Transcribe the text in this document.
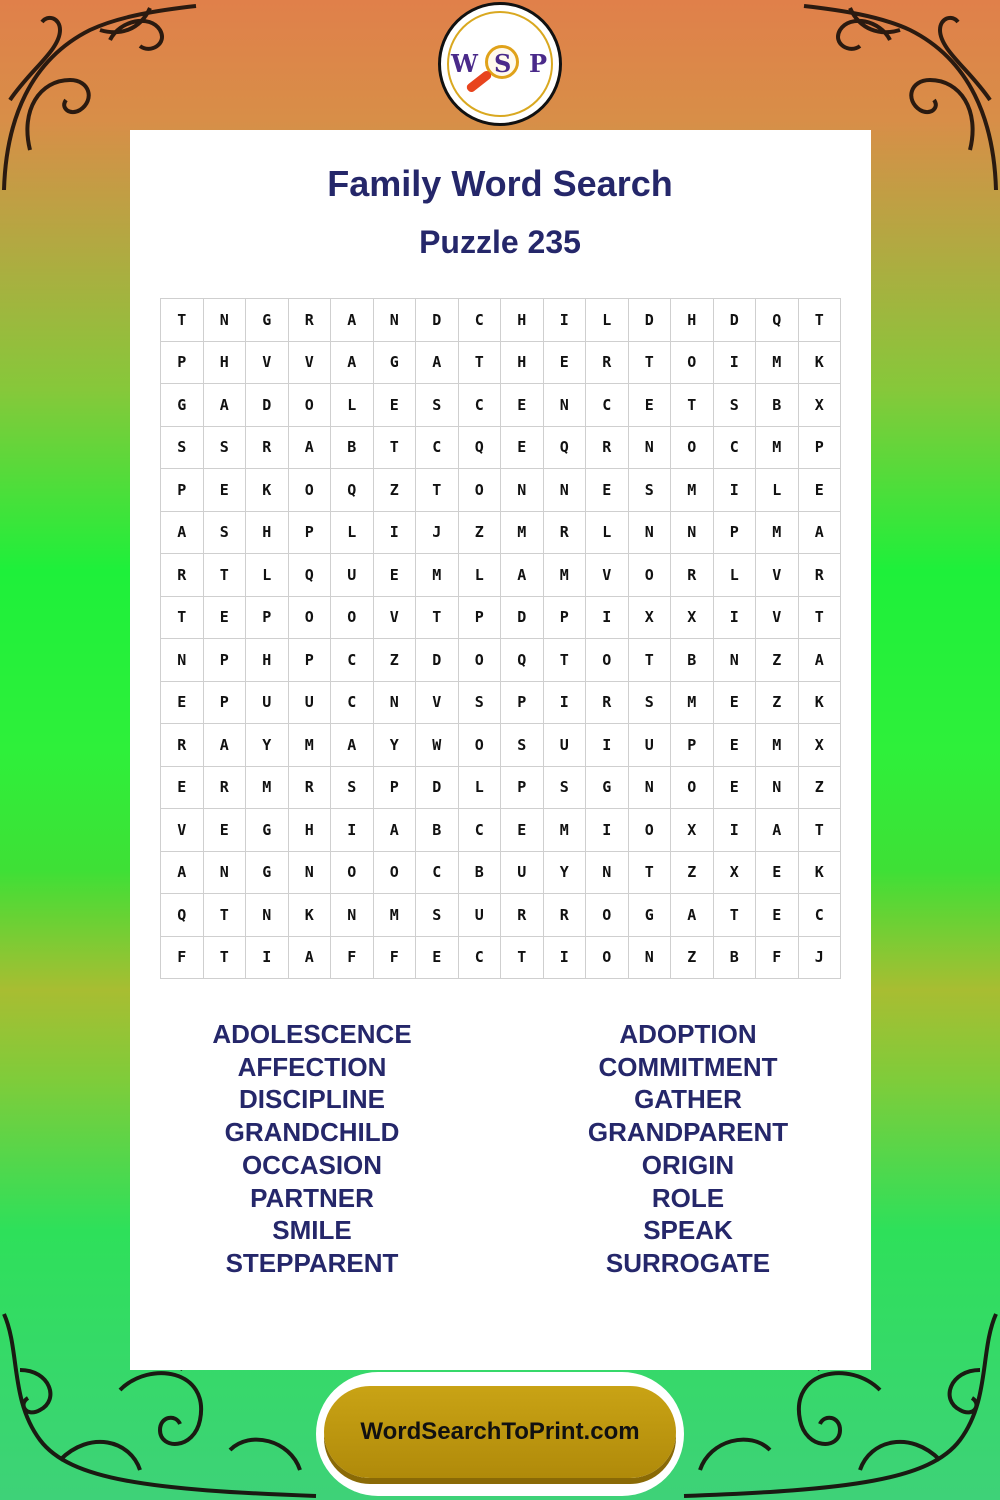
W S P
Family Word Search
Puzzle 235
T	N	G	R	A	N	D	C	H	I	L	D	H	D	Q	T
P	H	V	V	A	G	A	T	H	E	R	T	O	I	M	K
G	A	D	O	L	E	S	C	E	N	C	E	T	S	B	X
S	S	R	A	B	T	C	Q	E	Q	R	N	O	C	M	P
P	E	K	O	Q	Z	T	O	N	N	E	S	M	I	L	E
A	S	H	P	L	I	J	Z	M	R	L	N	N	P	M	A
R	T	L	Q	U	E	M	L	A	M	V	O	R	L	V	R
T	E	P	O	O	V	T	P	D	P	I	X	X	I	V	T
N	P	H	P	C	Z	D	O	Q	T	O	T	B	N	Z	A
E	P	U	U	C	N	V	S	P	I	R	S	M	E	Z	K
R	A	Y	M	A	Y	W	O	S	U	I	U	P	E	M	X
E	R	M	R	S	P	D	L	P	S	G	N	O	E	N	Z
V	E	G	H	I	A	B	C	E	M	I	O	X	I	A	T
A	N	G	N	O	O	C	B	U	Y	N	T	Z	X	E	K
Q	T	N	K	N	M	S	U	R	R	O	G	A	T	E	C
F	T	I	A	F	F	E	C	T	I	O	N	Z	B	F	J
ADOLESCENCE
AFFECTION
DISCIPLINE
GRANDCHILD
OCCASION
PARTNER
SMILE
STEPPARENT
ADOPTION
COMMITMENT
GATHER
GRANDPARENT
ORIGIN
ROLE
SPEAK
SURROGATE
WordSearchToPrint.com
